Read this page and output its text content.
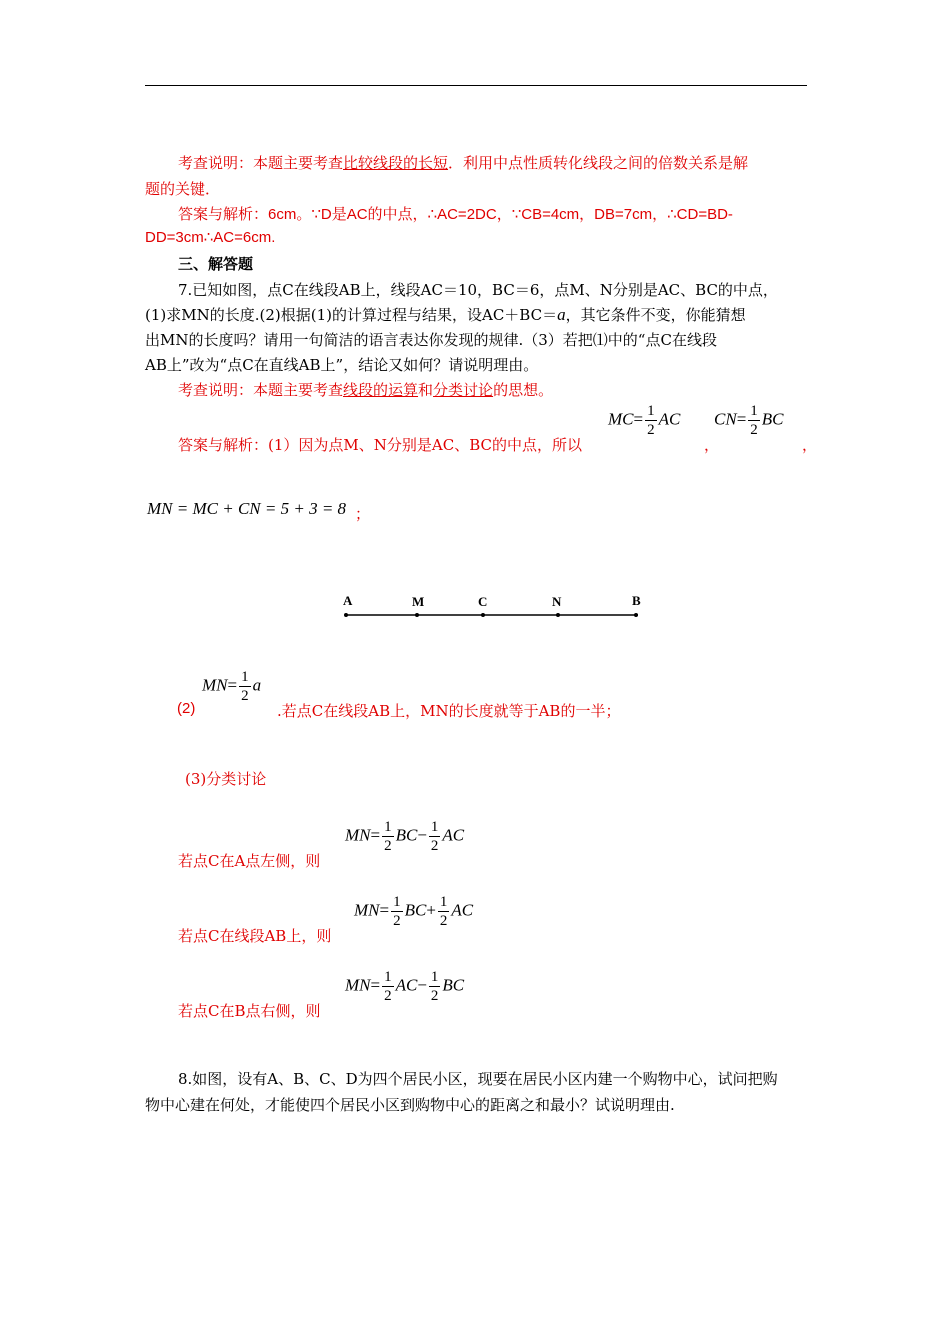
考查说明：本题主要考查比较线段的长短．利用中点性质转化线段之间的倍数关系是解
题的关键．
答案与解析：6cm。∵D是AC的中点，∴AC=2DC，∵CB=4cm，DB=7cm，∴CD=BD-
DD=3cm∴AC=6cm.
三、解答题
7.已知如图，点C在线段AB上，线段AC＝10，BC＝6，点M、N分别是AC、BC的中点，
(1)求MN的长度.(2)根据(1)的计算过程与结果，设AC＋BC＝a，其它条件不变，你能猜想
出MN的长度吗？请用一句简洁的语言表达你发现的规律.（3）若把⑴中的“点C在线段
AB上”改为“点C在直线AB上”，结论又如何？请说明理由。
考查说明：本题主要考查线段的运算和分类讨论的思想。
答案与解析：(1）因为点M、N分别是AC、BC的中点，所以
$MC= \frac{1}{2}$ AC
，
$CN= \frac{1}{2}$ BC
，
MN = MC + CN = 5 + 3 = 8 ；
A	M	C	N	B
(2)
$MN= \frac{1}{2}$ a
.若点C在线段AB上，MN的长度就等于AB的一半；
(3)分类讨论
若点C在A点左侧，则
$MN= \frac{1}{2} BC- \frac{1}{2}$ AC
若点C在线段AB上，则
$MN= \frac{1}{2} BC+ \frac{1}{2}$ AC
若点C在B点右侧，则
$MN= \frac{1}{2} AC- \frac{1}{2}$ BC
8.如图，设有A、B、C、D为四个居民小区，现要在居民小区内建一个购物中心，试问把购
物中心建在何处，才能使四个居民小区到购物中心的距离之和最小？试说明理由.
